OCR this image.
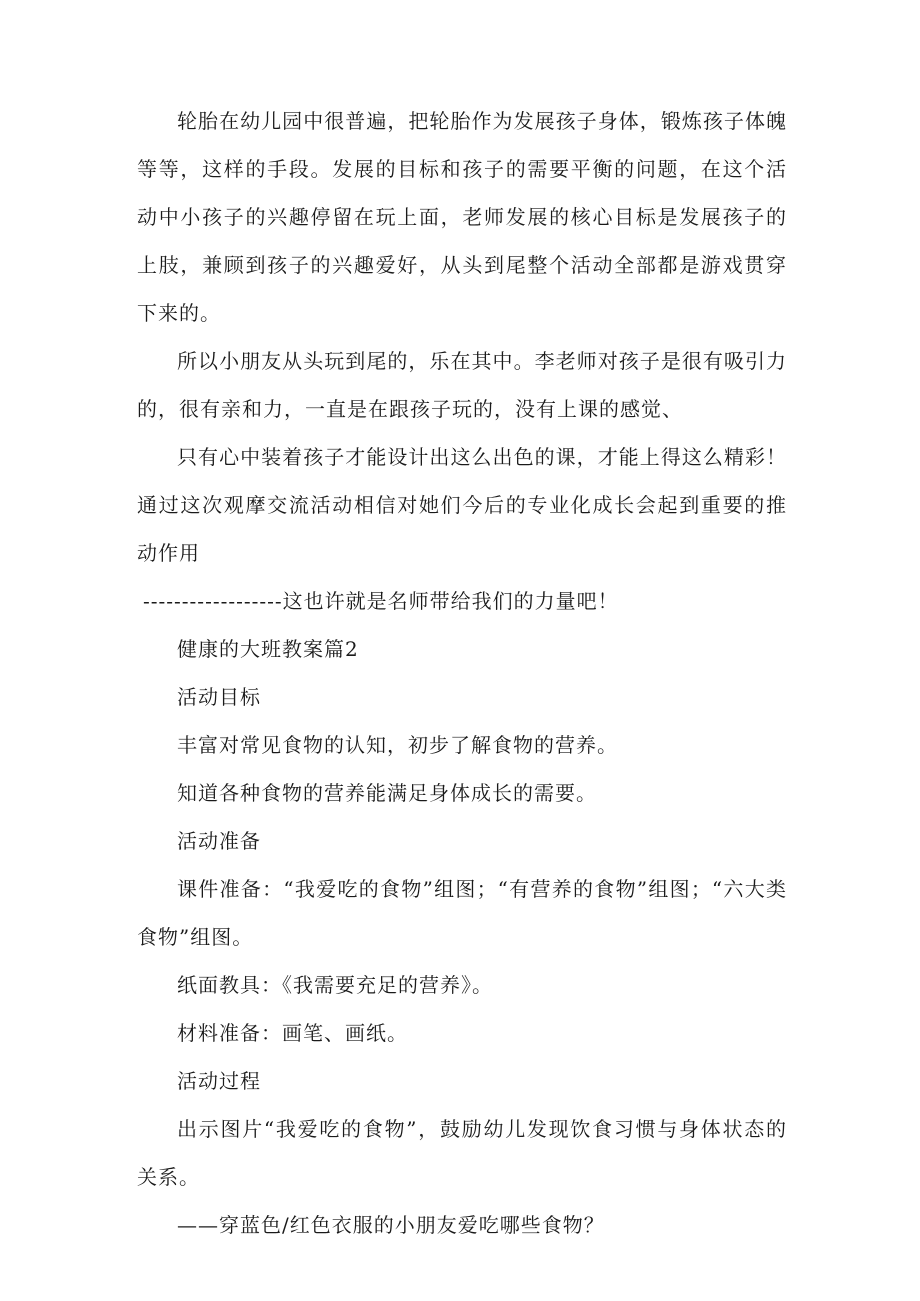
轮胎在幼儿园中很普遍，把轮胎作为发展孩子身体，锻炼孩子体魄等等，这样的手段。发展的目标和孩子的需要平衡的问题，在这个活动中小孩子的兴趣停留在玩上面，老师发展的核心目标是发展孩子的上肢，兼顾到孩子的兴趣爱好，从头到尾整个活动全部都是游戏贯穿下来的。

所以小朋友从头玩到尾的，乐在其中。李老师对孩子是很有吸引力的，很有亲和力，一直是在跟孩子玩的，没有上课的感觉、

只有心中装着孩子才能设计出这么出色的课，才能上得这么精彩！通过这次观摩交流活动相信对她们今后的专业化成长会起到重要的推动作用

------------------这也许就是名师带给我们的力量吧！

健康的大班教案篇2

活动目标

丰富对常见食物的认知，初步了解食物的营养。

知道各种食物的营养能满足身体成长的需要。

活动准备

课件准备：“我爱吃的食物”组图；“有营养的食物”组图；“六大类食物”组图。

纸面教具：《我需要充足的营养》。

材料准备：画笔、画纸。

活动过程

出示图片“我爱吃的食物”，鼓励幼儿发现饮食习惯与身体状态的关系。

——穿蓝色/红色衣服的小朋友爱吃哪些食物？
